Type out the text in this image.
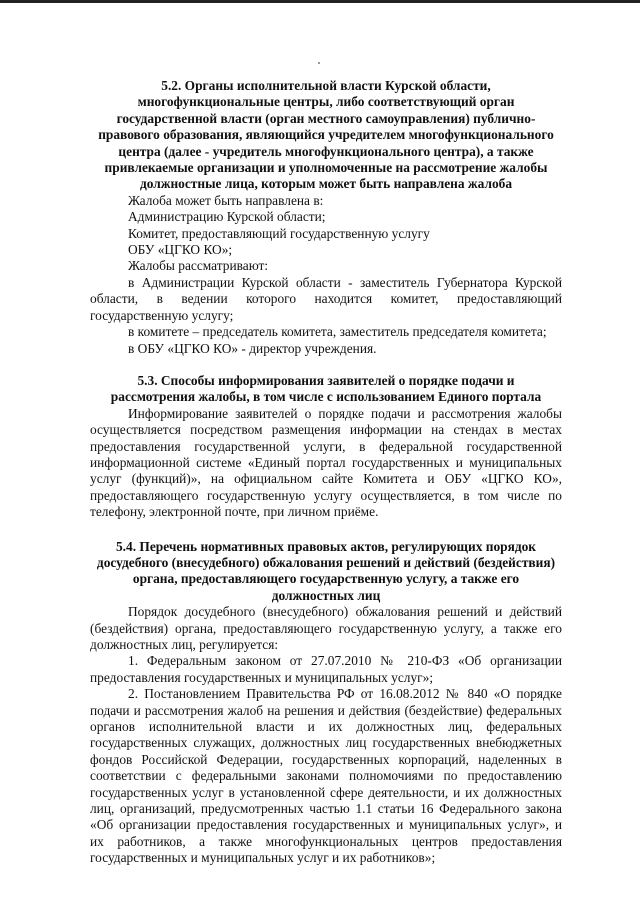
5.2. Органы исполнительной власти Курской области, многофункциональные центры, либо соответствующий орган государственной власти (орган местного самоуправления) публично-правового образования, являющийся учредителем многофункционального центра (далее - учредитель многофункционального центра), а также привлекаемые организации и уполномоченные на рассмотрение жалобы должностные лица, которым может быть направлена жалоба
Жалоба может быть направлена в:
Администрацию Курской области;
Комитет, предоставляющий государственную услугу
ОБУ «ЦГКО КО»;
Жалобы рассматривают:
в Администрации Курской области - заместитель Губернатора Курской области, в ведении которого находится комитет, предоставляющий государственную услугу;
в комитете – председатель комитета, заместитель председателя комитета;
в ОБУ «ЦГКО КО» - директор учреждения.
5.3. Способы информирования заявителей о порядке подачи и рассмотрения жалобы, в том числе с использованием Единого портала
Информирование заявителей о порядке подачи и рассмотрения жалобы осуществляется посредством размещения информации на стендах в местах предоставления государственной услуги, в федеральной государственной информационной системе «Единый портал государственных и муниципальных услуг (функций)», на официальном сайте Комитета и ОБУ «ЦГКО КО», предоставляющего государственную услугу осуществляется, в том числе по телефону, электронной почте, при личном приёме.
5.4. Перечень нормативных правовых актов, регулирующих порядок досудебного (внесудебного) обжалования решений и действий (бездействия) органа, предоставляющего государственную услугу, а также его должностных лиц
Порядок досудебного (внесудебного) обжалования решений и действий (бездействия) органа, предоставляющего государственную услугу, а также его должностных лиц, регулируется:
1. Федеральным законом от 27.07.2010 № 210-ФЗ «Об организации предоставления государственных и муниципальных услуг»;
2. Постановлением Правительства РФ от 16.08.2012 № 840 «О порядке подачи и рассмотрения жалоб на решения и действия (бездействие) федеральных органов исполнительной власти и их должностных лиц, федеральных государственных служащих, должностных лиц государственных внебюджетных фондов Российской Федерации, государственных корпораций, наделенных в соответствии с федеральными законами полномочиями по предоставлению государственных услуг в установленной сфере деятельности, и их должностных лиц, организаций, предусмотренных частью 1.1 статьи 16 Федерального закона «Об организации предоставления государственных и муниципальных услуг», и их работников, а также многофункциональных центров предоставления государственных и муниципальных услуг и их работников»;
